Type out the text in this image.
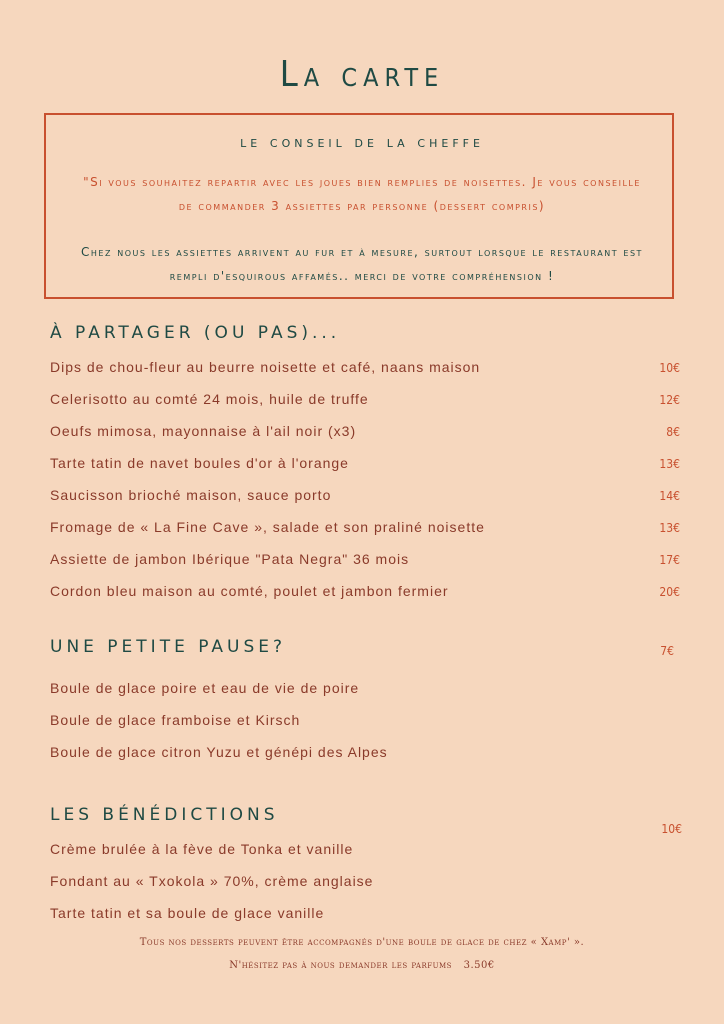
La carte
le conseil de la cheffe
"Si vous souhaitez repartir avec les joues bien remplies de noisettes. Je vous conseille
de commander 3 assiettes par personne (dessert compris)
Chez nous les assiettes arrivent au fur et à mesure, surtout lorsque le restaurant est
rempli d'esquirous affamés.. merci de votre compréhension !
À PARTAGER (OU PAS)...
Dips de chou-fleur au beurre noisette et café, naans maison	10€
Celerisotto au comté 24 mois, huile de truffe	12€
Oeufs mimosa, mayonnaise à l'ail noir (x3)	8€
Tarte tatin de navet boules d'or à l'orange	13€
Saucisson brioché maison, sauce porto	14€
Fromage de « La Fine Cave », salade et son praliné noisette	13€
Assiette de jambon Ibérique "Pata Negra" 36 mois	17€
Cordon bleu maison au comté, poulet et jambon fermier	20€
UNE PETITE PAUSE?	7€
Boule de glace poire et eau de vie de poire
Boule de glace framboise et Kirsch
Boule de glace citron Yuzu et génépi des Alpes
LES BÉNÉDICTIONS
10€
Crème brulée à la fève de Tonka et vanille
Fondant au « Txokola » 70%, crème anglaise
Tarte tatin et sa boule de glace vanille
Tous nos desserts peuvent être accompagnés d'une boule de glace de chez « Xamp' ».
N'hésitez pas à nous demander les parfums 3.50€
